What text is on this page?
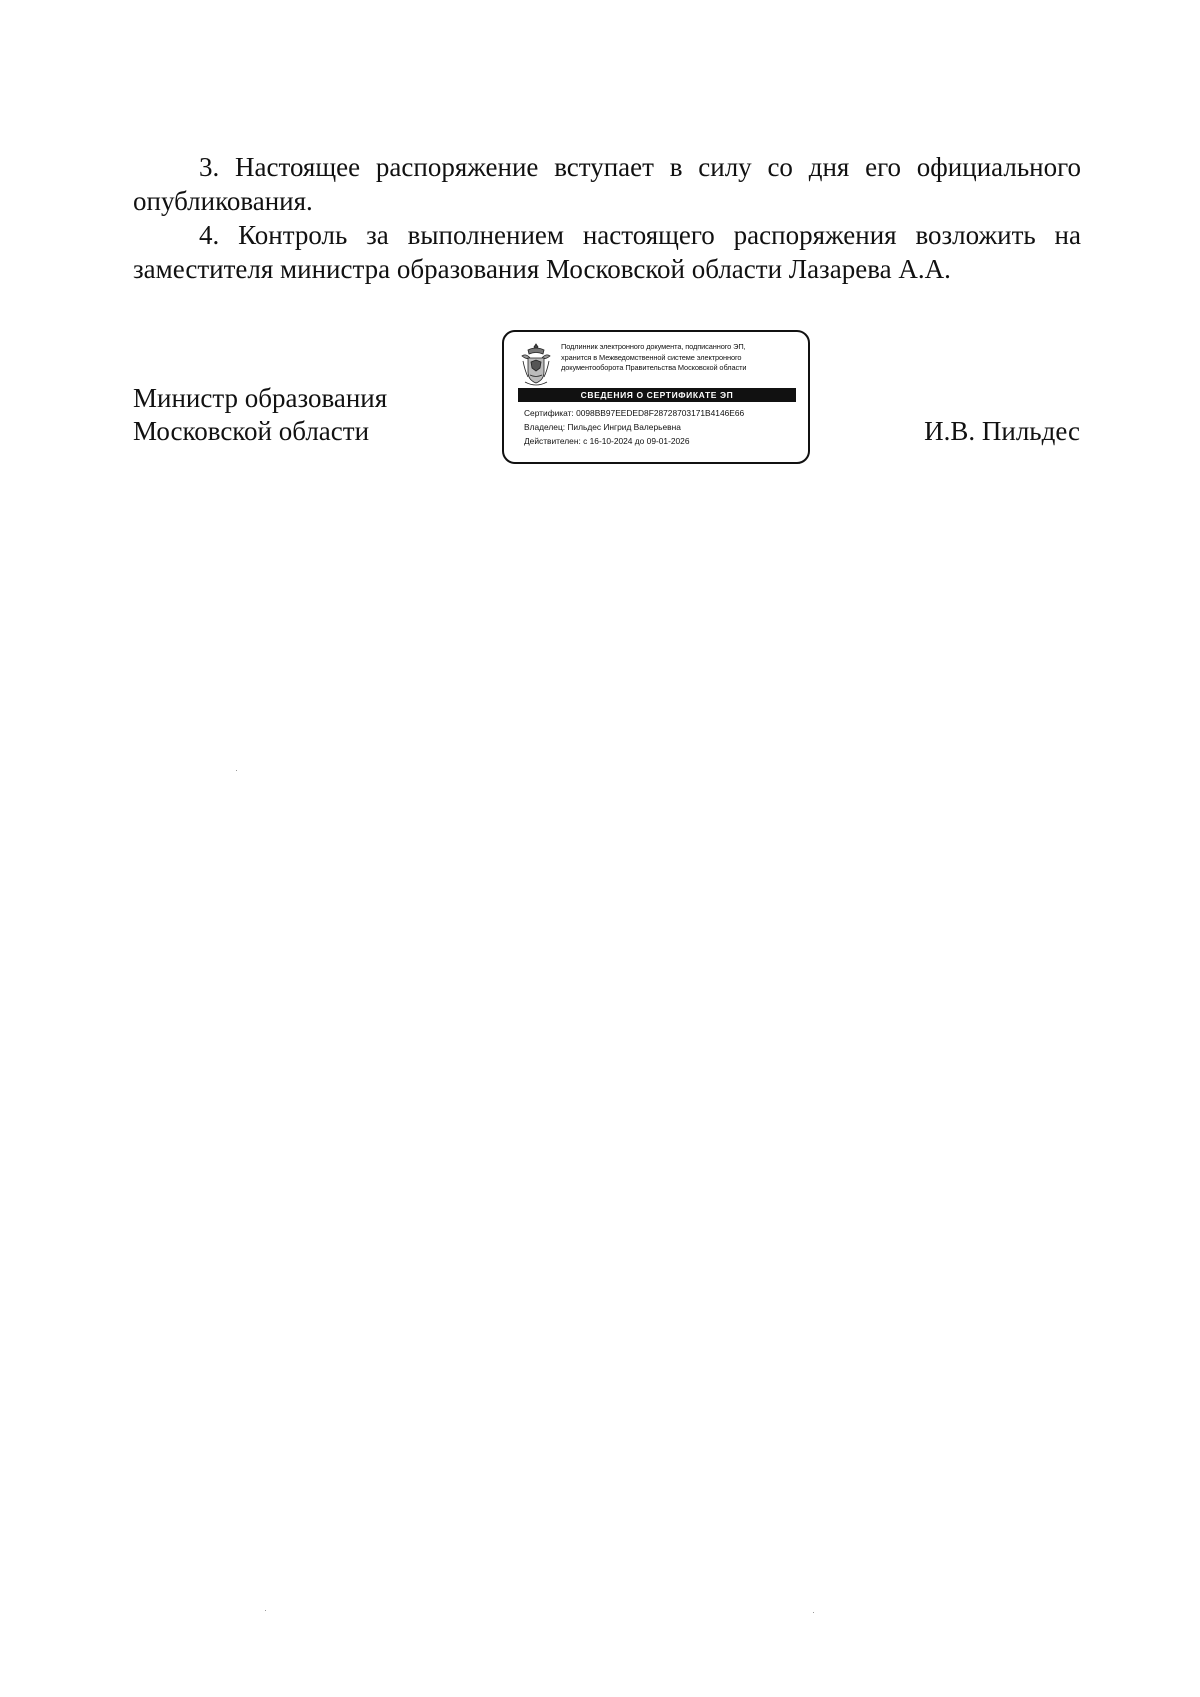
3. Настоящее распоряжение вступает в силу со дня его официального опубликования.

4. Контроль за выполнением настоящего распоряжения возложить на заместителя министра образования Московской области Лазарева А.А.

Министр образования
Московской области
Подлинник электронного документа, подписанного ЭП,
хранится в Межведомственной системе электронного
документооборота Правительства Московской области
СВЕДЕНИЯ О СЕРТИФИКАТЕ ЭП
Сертификат: 0098BB97EEDED8F28728703171B4146E66
Владелец: Пильдес Ингрид Валерьевна
Действителен: с 16-10-2024 до 09-01-2026	И.В. Пильдес
